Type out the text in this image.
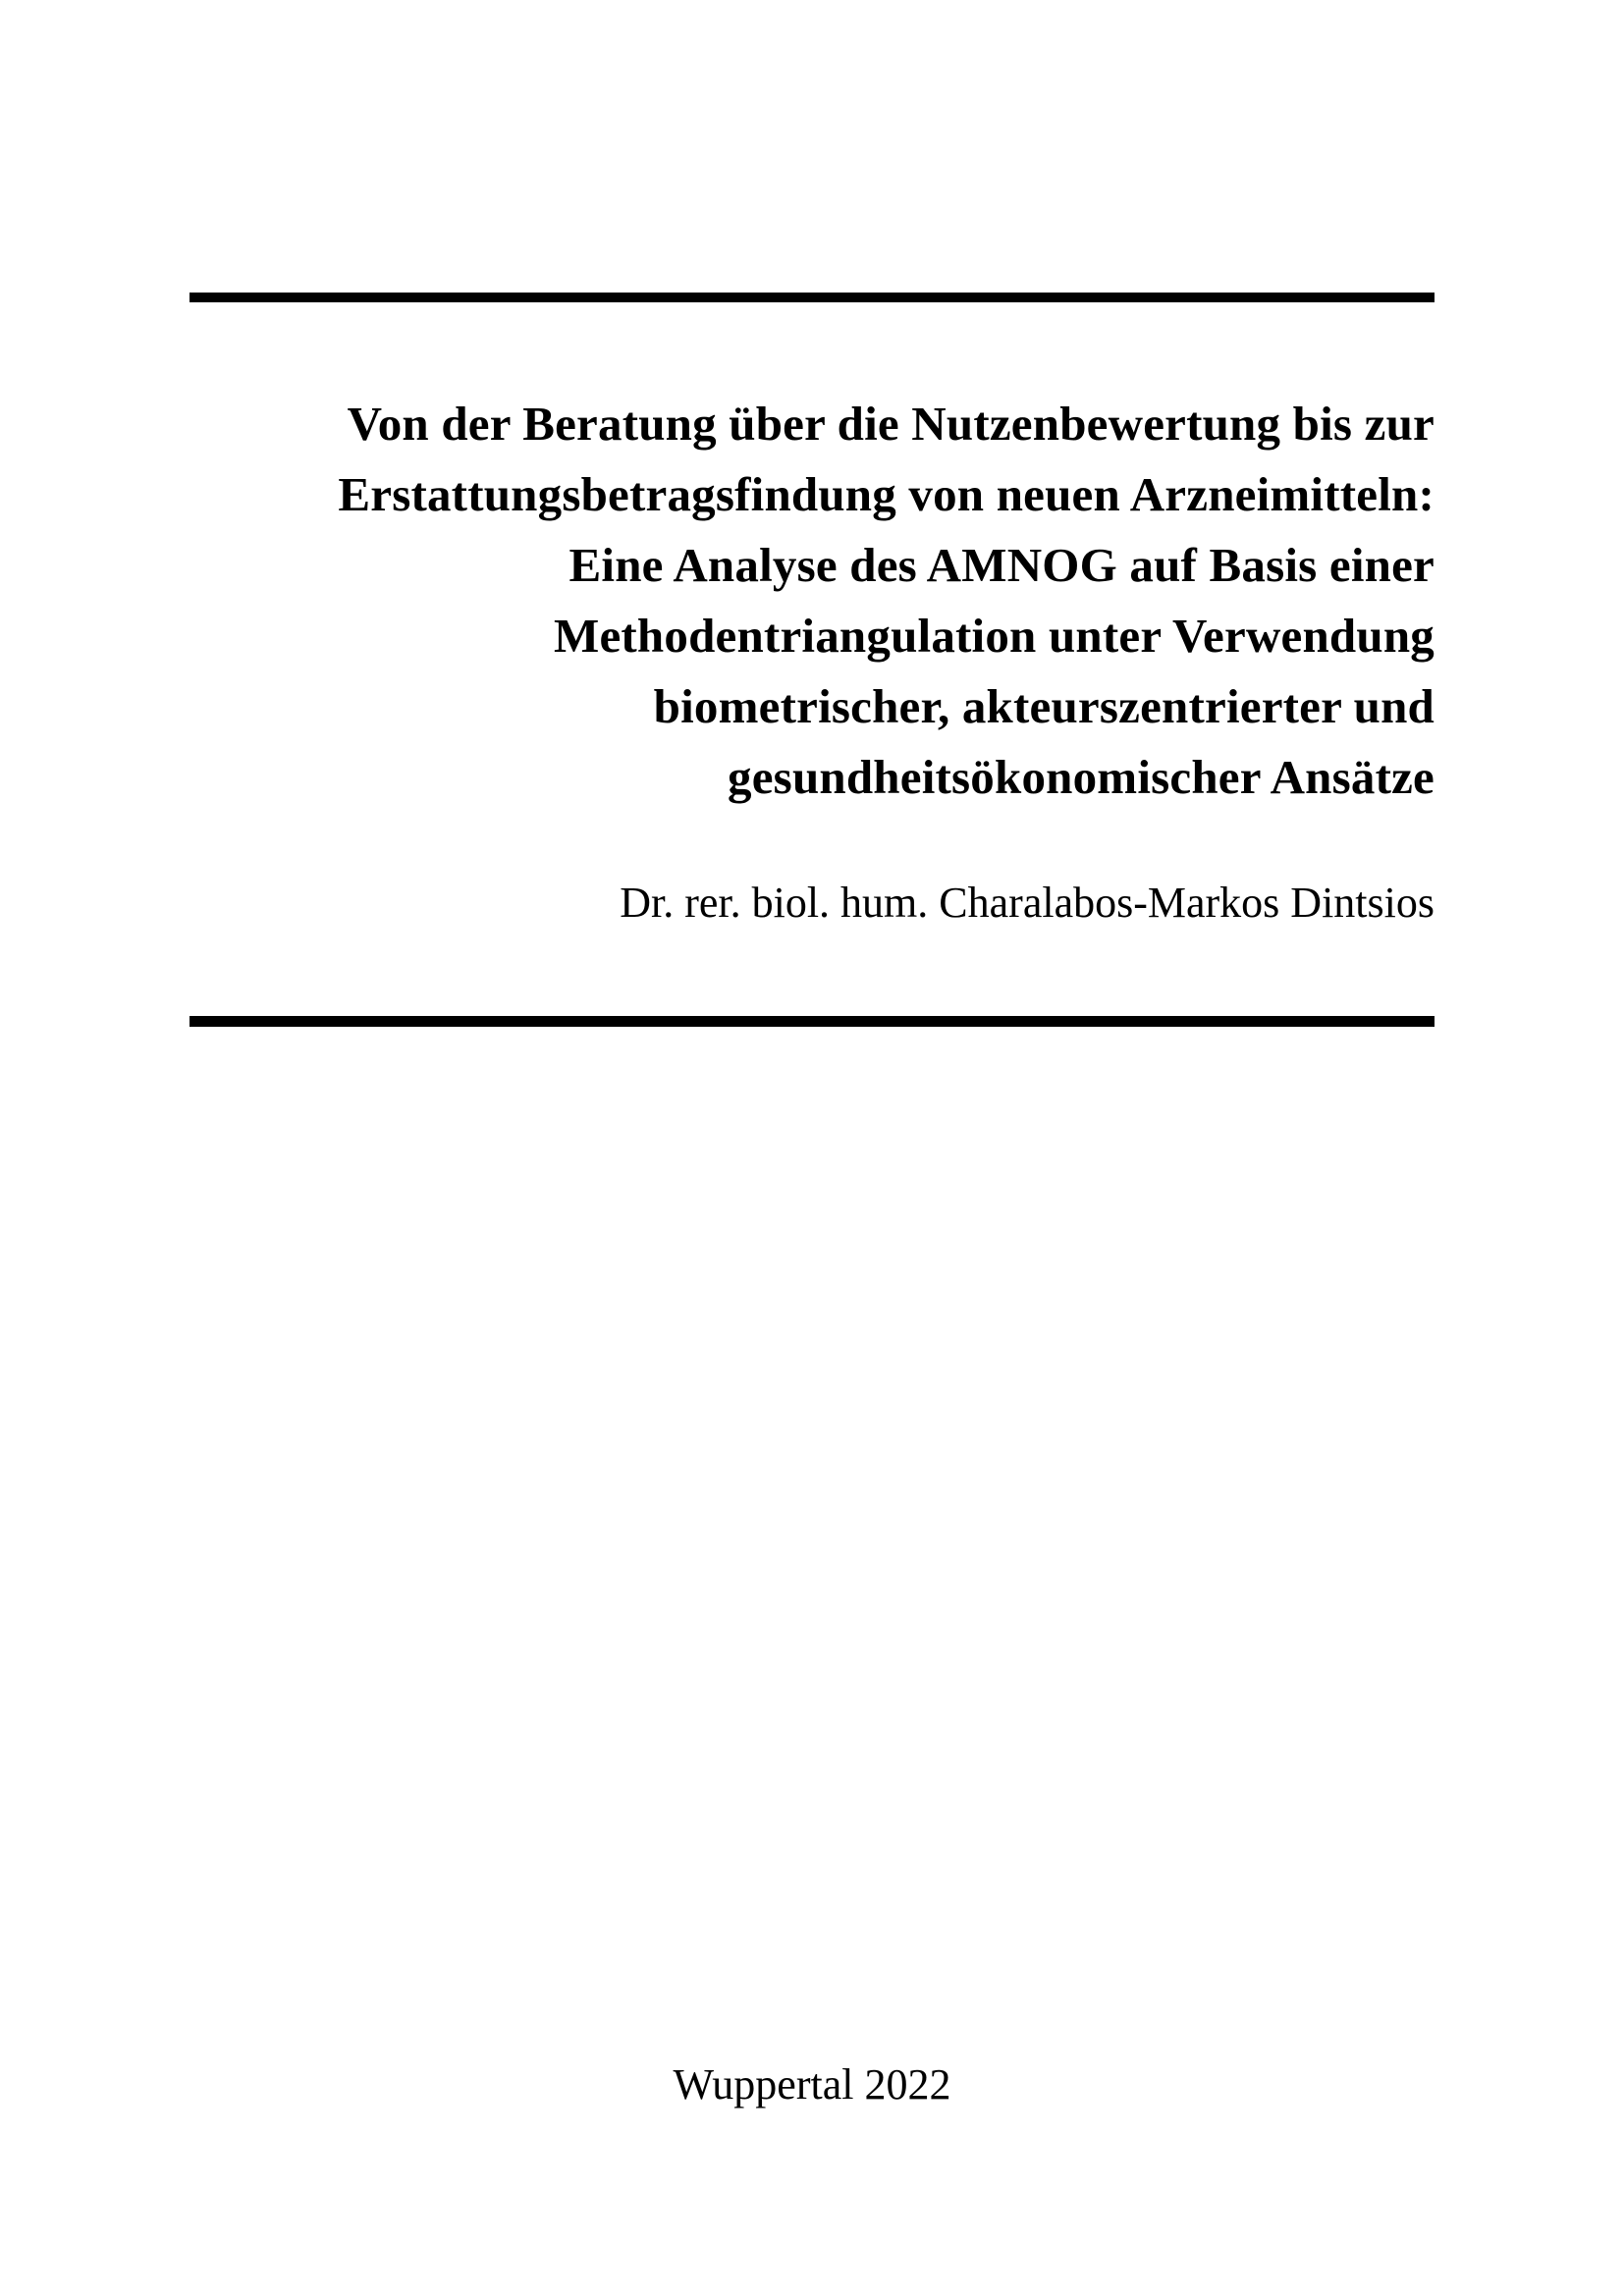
Von der Beratung über die Nutzenbewertung bis zur
Erstattungsbetragsfindung von neuen Arzneimitteln:
Eine Analyse des AMNOG auf Basis einer
Methodentriangulation unter Verwendung
biometrischer, akteurszentrierter und
gesundheitsökonomischer Ansätze
Dr. rer. biol. hum. Charalabos-Markos Dintsios
Wuppertal 2022
